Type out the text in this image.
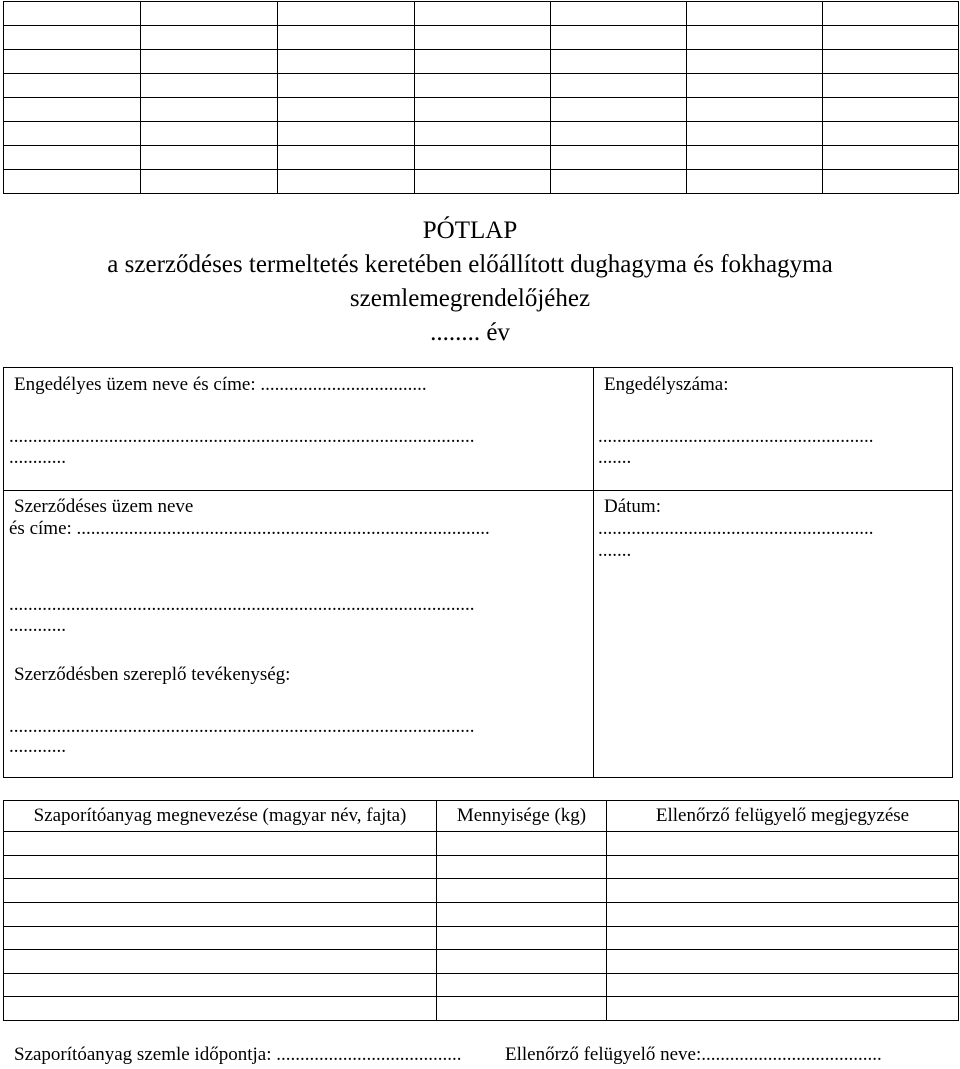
PÓTLAP
a szerződéses termeltetés keretében előállított dughagyma és fokhagyma
szemlemegrendelőjéhez
........ év
Engedélyes üzem neve és címe: ...................................
..................................................................................................
............
Szerződéses üzem neve
és címe: .......................................................................................
..................................................................................................
............
Szerződésben szereplő tevékenység:
..................................................................................................
............
Engedélyszáma:
..........................................................
.......
Dátum:
..........................................................
.......
Szaporítóanyag megnevezése (magyar név, fajta)	Mennyisége (kg)	Ellenőrző felügyelő megjegyzése

Szaporítóanyag szemle időpontja: ....................................... Ellenőrző felügyelő neve:......................................
